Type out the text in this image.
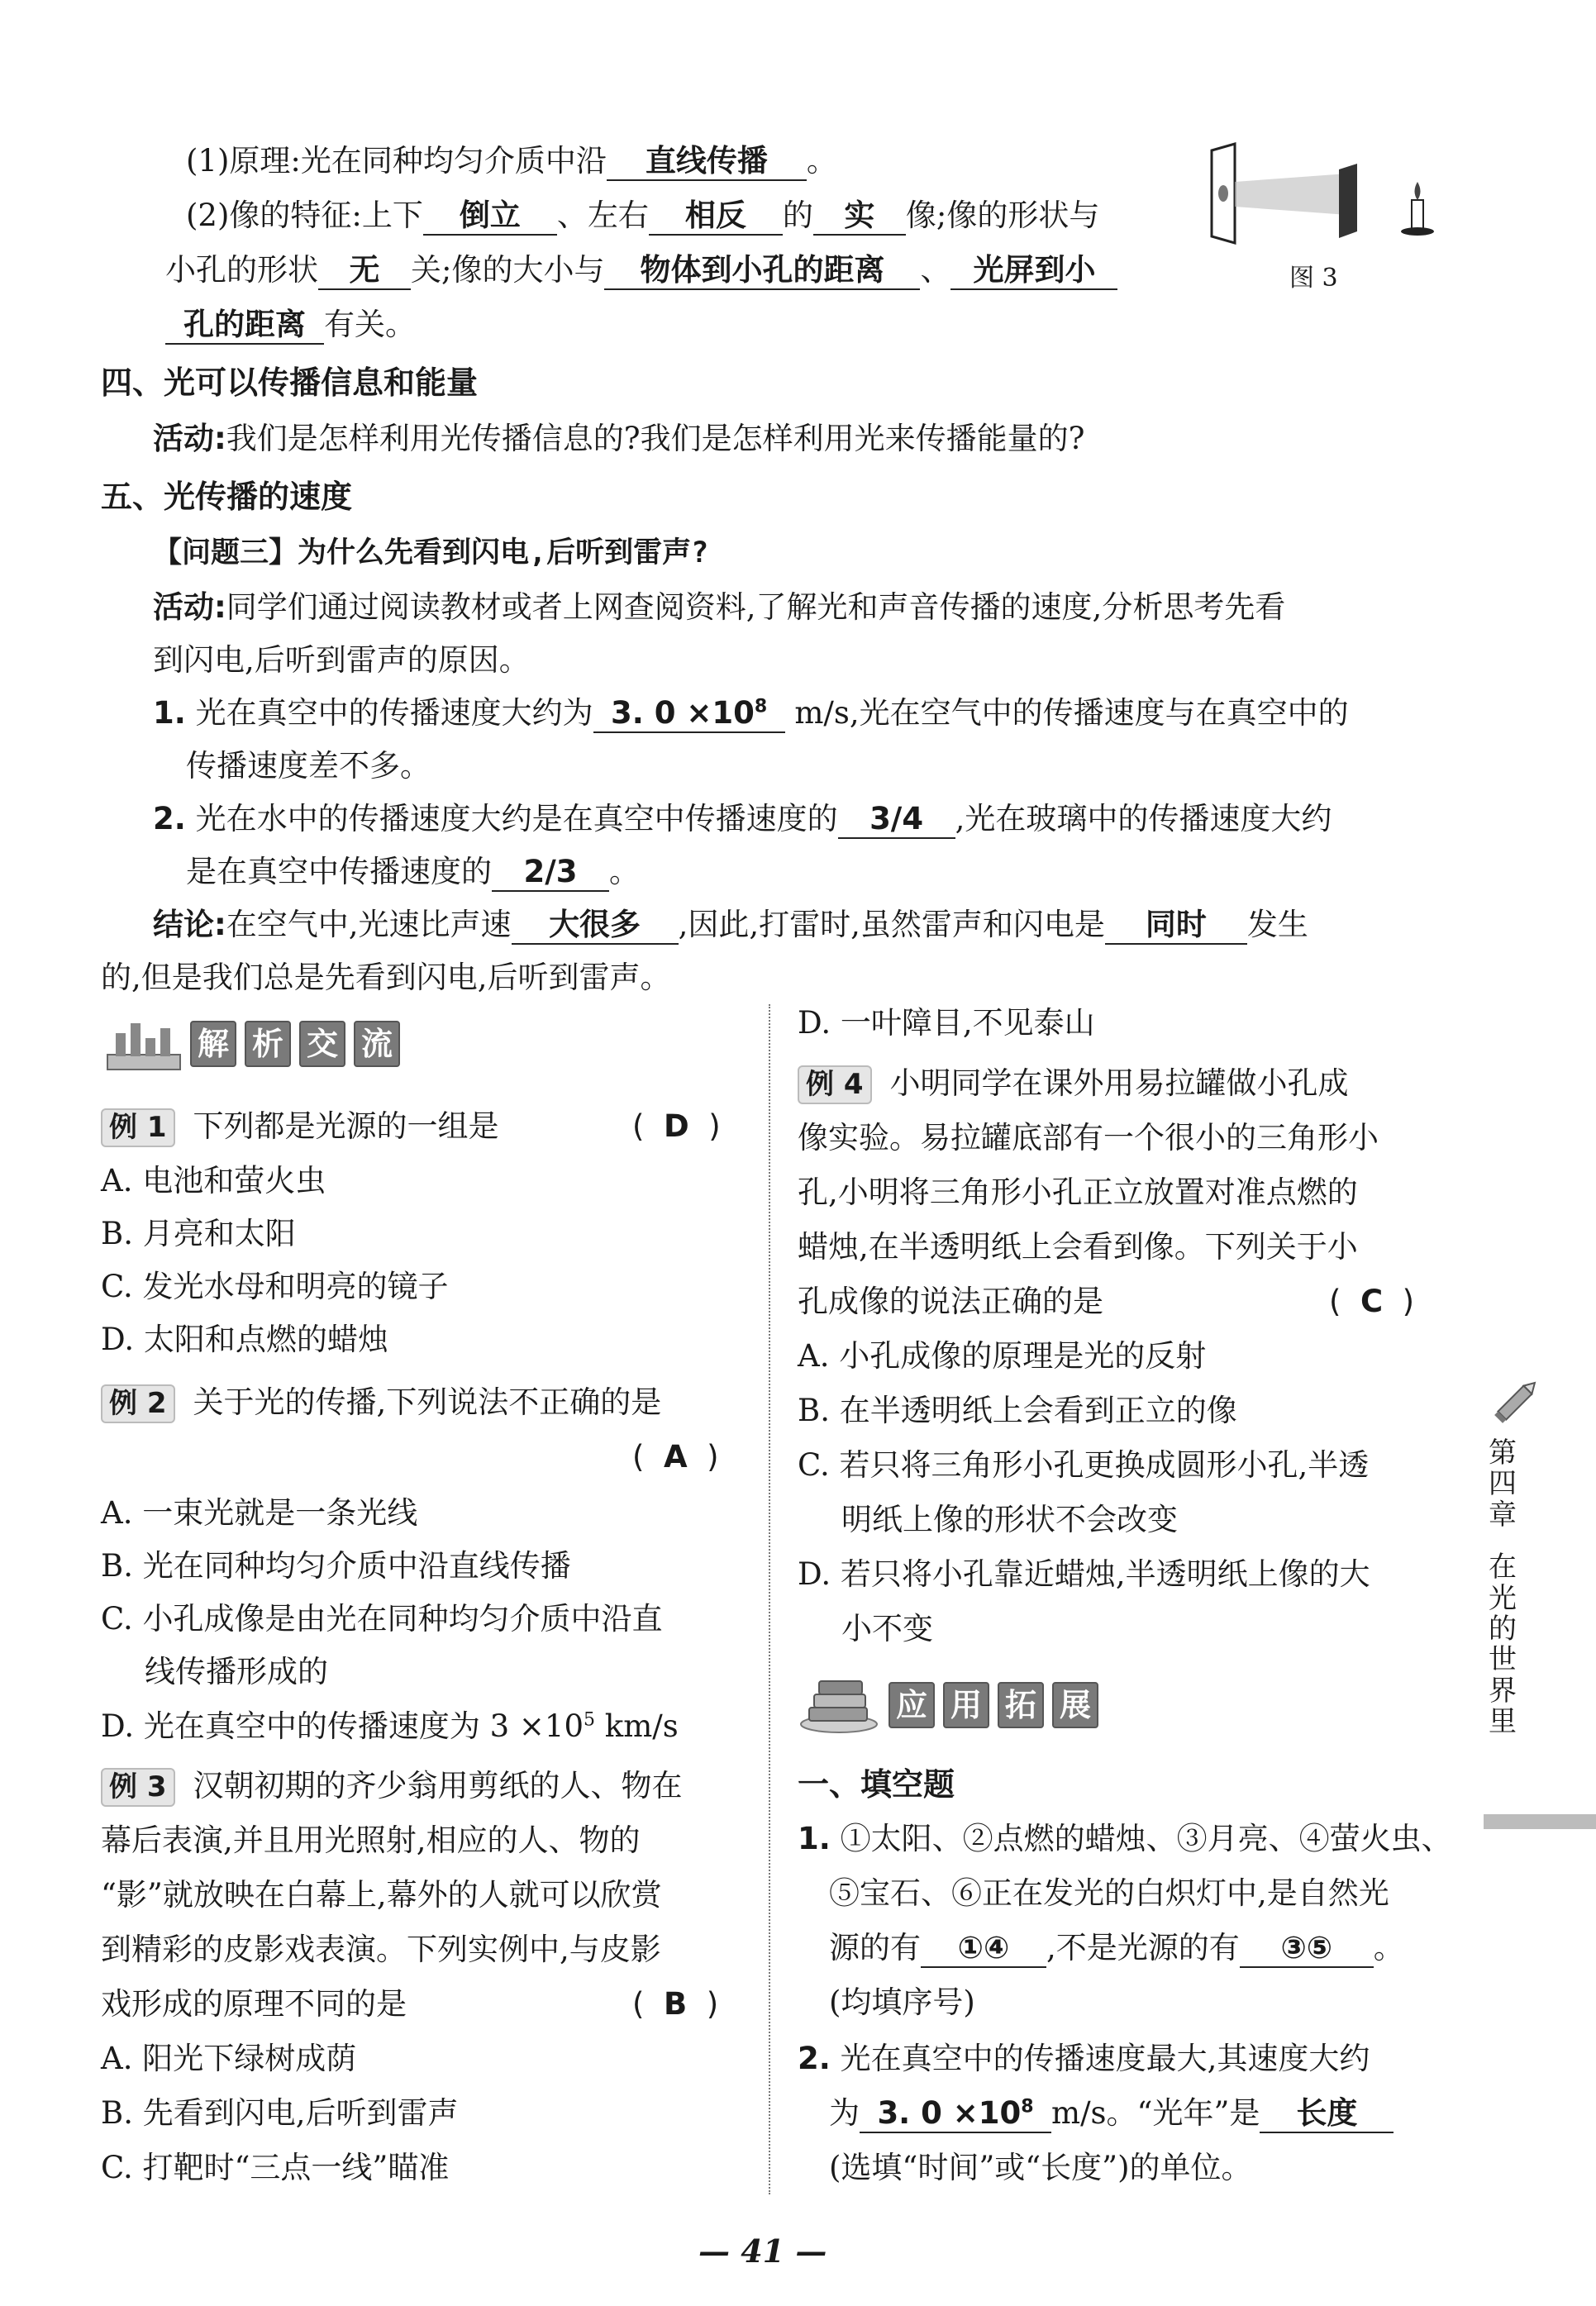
(1)原理:光在同种均匀介质中沿 直线传播 。
(2)像的特征:上下 倒立 、左右 相反 的 实 像;像的形状与
小孔的形状 无 关;像的大小与 物体到小孔的距离 、 光屏到小
孔的距离 有关。
图 3
四、光可以传播信息和能量
活动:我们是怎样利用光传播信息的?我们是怎样利用光来传播能量的?
五、光传播的速度
【问题三】为什么先看到闪电,后听到雷声?
活动:同学们通过阅读教材或者上网查阅资料,了解光和声音传播的速度,分析思考先看
到闪电,后听到雷声的原因。
1. 光在真空中的传播速度大约为 3. $0 \times 10^8$ m/s,光在空气中的传播速度与在真空中的
传播速度差不多。
2. 光在水中的传播速度大约是在真空中传播速度的 3/4 ,光在玻璃中的传播速度大约
是在真空中传播速度的 2/3 。
结论:在空气中,光速比声速 大很多 ,因此,打雷时,虽然雷声和闪电是 同时 发生
的,但是我们总是先看到闪电,后听到雷声。
解 析 交 流
例 1 下列都是光源的一组是	(  D  )
A. 电池和萤火虫
B. 月亮和太阳
C. 发光水母和明亮的镜子
D. 太阳和点燃的蜡烛
例 2 关于光的传播,下列说法不正确的是
(  A  )
A. 一束光就是一条光线
B. 光在同种均匀介质中沿直线传播
C. 小孔成像是由光在同种均匀介质中沿直
线传播形成的
D. 光在真空中的传播速度为 $3 \times 10^5$ km/s
例 3 汉朝初期的齐少翁用剪纸的人、物在
幕后表演,并且用光照射,相应的人、物的
“影”就放映在白幕上,幕外的人就可以欣赏
到精彩的皮影戏表演。下列实例中,与皮影
戏形成的原理不同的是	(  B  )
A. 阳光下绿树成荫
B. 先看到闪电,后听到雷声
C. 打靶时“三点一线”瞄准
D. 一叶障目,不见泰山
例 4 小明同学在课外用易拉罐做小孔成
像实验。易拉罐底部有一个很小的三角形小
孔,小明将三角形小孔正立放置对准点燃的
蜡烛,在半透明纸上会看到像。下列关于小
孔成像的说法正确的是	(  C  )
A. 小孔成像的原理是光的反射
B. 在半透明纸上会看到正立的像
C. 若只将三角形小孔更换成圆形小孔,半透
明纸上像的形状不会改变
D. 若只将小孔靠近蜡烛,半透明纸上像的大
小不变
应 用 拓 展
一、填空题
1. ①太阳、②点燃的蜡烛、③月亮、④萤火虫、
⑤宝石、⑥正在发光的白炽灯中,是自然光
源的有 ①④ ,不是光源的有 ③⑤ 。
(均填序号)
2. 光在真空中的传播速度最大,其速度大约
为 3. $0 \times 10^8$ m/s。“光年”是 长度
(选填“时间”或“长度”)的单位。
第
四
章
在
光
的
世
界
里
— 41 —
